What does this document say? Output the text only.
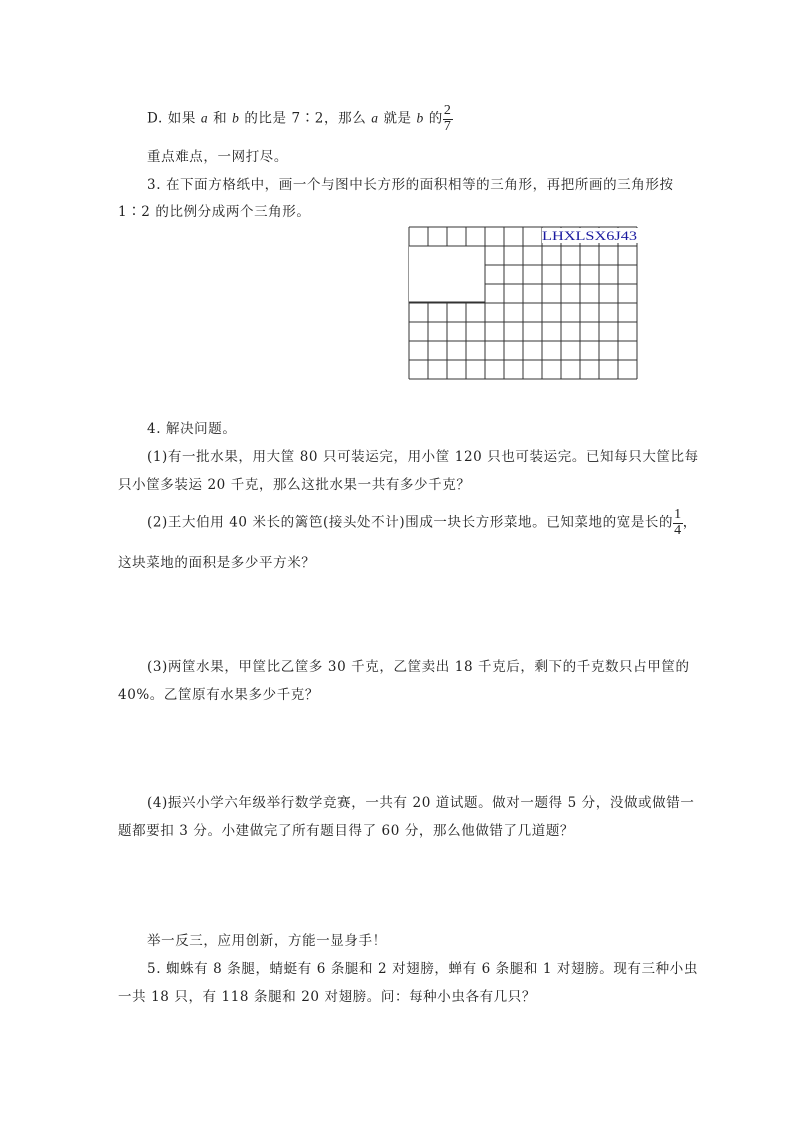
D. 如果 a 和 b 的比是 7∶2，那么 a 就是 b 的 $\frac{2}{7}$
重点难点，一网打尽。
3. 在下面方格纸中，画一个与图中长方形的面积相等的三角形，再把所画的三角形按
1∶2 的比例分成两个三角形。
LHXLSX6J43
4. 解决问题。
(1)有一批水果，用大筐 80 只可装运完，用小筐 120 只也可装运完。已知每只大筐比每
只小筐多装运 20 千克，那么这批水果一共有多少千克？
(2)王大伯用 40 米长的篱笆(接头处不计)围成一块长方形菜地。已知菜地的宽是长的 $\frac{1}{4}$ ，
这块菜地的面积是多少平方米？
(3)两筐水果，甲筐比乙筐多 30 千克，乙筐卖出 18 千克后，剩下的千克数只占甲筐的
40%。乙筐原有水果多少千克？
(4)振兴小学六年级举行数学竞赛，一共有 20 道试题。做对一题得 5 分，没做或做错一
题都要扣 3 分。小建做完了所有题目得了 60 分，那么他做错了几道题？
举一反三，应用创新，方能一显身手！
5. 蜘蛛有 8 条腿，蜻蜓有 6 条腿和 2 对翅膀，蝉有 6 条腿和 1 对翅膀。现有三种小虫
一共 18 只，有 118 条腿和 20 对翅膀。问：每种小虫各有几只？
